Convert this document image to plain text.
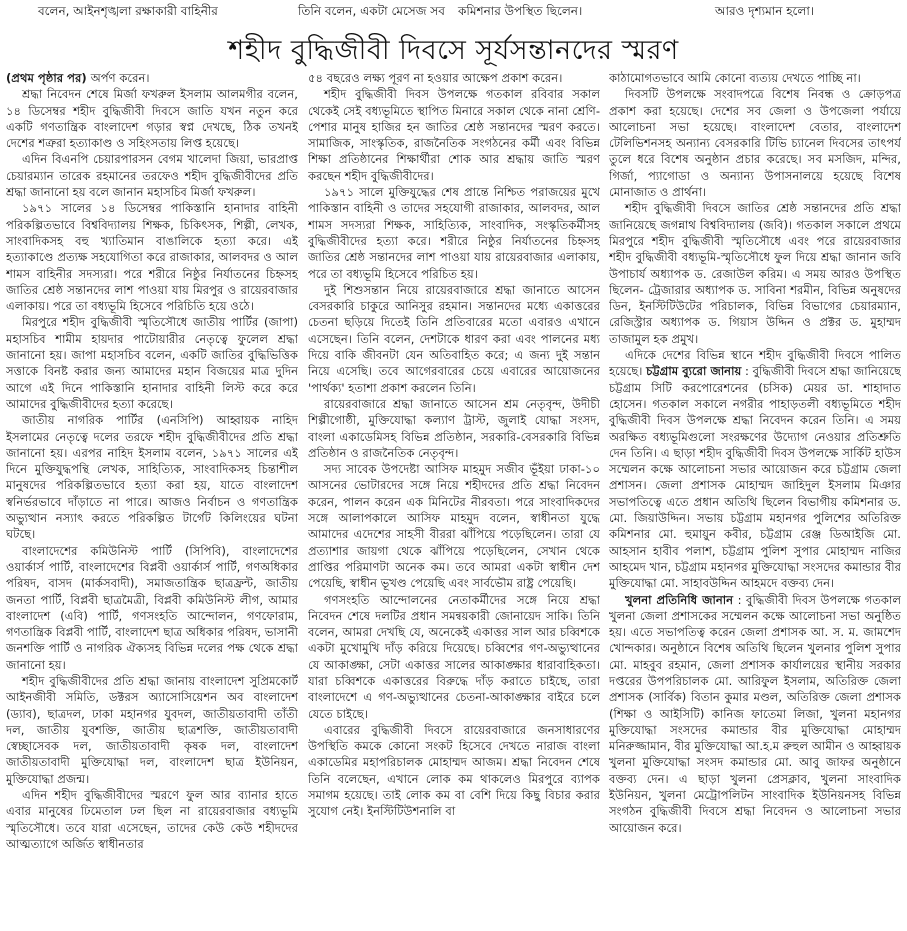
বলেন, আইনশৃঙ্খলা রক্ষাকারী বাহিনীর	তিনি বলেন, একটা মেসেজ সব কমিশনার উপস্থিত ছিলেন।	আরও দৃশ্যমান হলো।
শহীদ বুদ্ধিজীবী দিবসে সূর্যসন্তানদের স্মরণ

(প্রথম পৃষ্ঠার পর) অর্পণ করেন।

শ্রদ্ধা নিবেদন শেষে মির্জা ফখরুল ইসলাম আলমগীর বলেন, ১৪ ডিসেম্বর শহীদ বুদ্ধিজীবী দিবসে জাতি যখন নতুন করে একটি গণতান্ত্রিক বাংলাদেশ গড়ার স্বপ্ন দেখছে, ঠিক তখনই দেশের শত্রুরা হত্যাকাণ্ড ও সহিংসতায় লিপ্ত হয়েছে।

এদিন বিএনপি চেয়ারপারসন বেগম খালেদা জিয়া, ভারপ্রাপ্ত চেয়ারম্যান তারেক রহমানের তরফেও শহীদ বুদ্ধিজীবীদের প্রতি শ্রদ্ধা জানানো হয় বলে জানান মহাসচিব মির্জা ফখরুল।

১৯৭১ সালের ১৪ ডিসেম্বর পাকিস্তানি হানাদার বাহিনী পরিকল্পিতভাবে বিশ্ববিদ্যালয় শিক্ষক, চিকিৎসক, শিল্পী, লেখক, সাংবাদিকসহ বহু খ্যাতিমান বাঙালিকে হত্যা করে। এই হত্যাকাণ্ডে প্রত্যক্ষ সহযোগিতা করে রাজাকার, আলবদর ও আল শামস বাহিনীর সদস্যরা। পরে শরীরে নিষ্ঠুর নির্যাতনের চিহ্নসহ জাতির শ্রেষ্ঠ সন্তানদের লাশ পাওয়া যায় মিরপুর ও রায়েরবাজার এলাকায়। পরে তা বধ্যভূমি হিসেবে পরিচিতি হয়ে ওঠে।

মিরপুরে শহীদ বুদ্ধিজীবী স্মৃতিসৌধে জাতীয় পার্টির (জাপা) মহাসচিব শামীম হায়দার পাটোয়ারীর নেতৃত্বে ফুলেল শ্রদ্ধা জানানো হয়। জাপা মহাসচিব বলেন, একটি জাতির বুদ্ধিভিত্তিক সত্তাকে বিনষ্ট করার জন্য আমাদের মহান বিজয়ের মাত্র দুদিন আগে এই দিনে পাকিস্তানি হানাদার বাহিনী লিস্ট করে করে আমাদের বুদ্ধিজীবীদের হত্যা করেছে।

জাতীয় নাগরিক পার্টির (এনসিপি) আহ্বায়ক নাহিদ ইসলামের নেতৃত্বে দলের তরফে শহীদ বুদ্ধিজীবীদের প্রতি শ্রদ্ধা জানানো হয়। এরপর নাহিদ ইসলাম বলেন, ১৯৭১ সালের এই দিনে মুক্তিযুদ্ধপন্থি লেখক, সাহিত্যিক, সাংবাদিকসহ চিন্তাশীল মানুষদের পরিকল্পিতভাবে হত্যা করা হয়, যাতে বাংলাদেশ স্বনির্ভরভাবে দাঁড়াতে না পারে। আজও নির্বাচন ও গণতান্ত্রিক অভ্যুত্থান নস্যাৎ করতে পরিকল্পিত টার্গেট কিলিংয়ের ঘটনা ঘটছে।

বাংলাদেশের কমিউনিস্ট পার্টি (সিপিবি), বাংলাদেশের ওয়ার্কার্স পার্টি, বাংলাদেশের বিপ্লবী ওয়ার্কার্স পার্টি, গণঅধিকার পরিষদ, বাসদ (মার্কসবাদী), সমাজতান্ত্রিক ছাত্রফ্রন্ট, জাতীয় জনতা পার্টি, বিপ্লবী ছাত্রমৈত্রী, বিপ্লবী কমিউনিস্ট লীগ, আমার বাংলাদেশ (এবি) পার্টি, গণসংহতি আন্দোলন, গণফোরাম, গণতান্ত্রিক বিপ্লবী পার্টি, বাংলাদেশ ছাত্র অধিকার পরিষদ, ভাসানী জনশক্তি পার্টি ও নাগরিক ঐক্যসহ বিভিন্ন দলের পক্ষ থেকে শ্রদ্ধা জানানো হয়।

শহীদ বুদ্ধিজীবীদের প্রতি শ্রদ্ধা জানায় বাংলাদেশ সুপ্রিমকোর্ট আইনজীবী সমিতি, ডক্টরস অ্যাসোসিয়েশন অব বাংলাদেশ (ড্যাব), ছাত্রদল, ঢাকা মহানগর যুবদল, জাতীয়তাবাদী তাঁতী দল, জাতীয় যুবশক্তি, জাতীয় ছাত্রশক্তি, জাতীয়তাবাদী স্বেচ্ছাসেবক দল, জাতীয়তাবাদী কৃষক দল, বাংলাদেশ জাতীয়তাবাদী মুক্তিযোদ্ধা দল, বাংলাদেশ ছাত্র ইউনিয়ন, মুক্তিযোদ্ধা প্রজন্ম।

এদিন শহীদ বুদ্ধিজীবীদের স্মরণে ফুল আর ব্যানার হাতে এবার মানুষের ঢিমেতাল ঢল ছিল না রায়েরবাজার বধ্যভূমি স্মৃতিসৌধে। তবে যারা এসেছেন, তাদের কেউ কেউ শহীদদের আত্মত্যাগে অর্জিত স্বাধীনতার

৫৪ বছরেও লক্ষ্য পূরণ না হওয়ার আক্ষেপ প্রকাশ করেন।

শহীদ বুদ্ধিজীবী দিবস উপলক্ষে গতকাল রবিবার সকাল থেকেই সেই বধ্যভূমিতে স্থাপিত মিনারে সকাল থেকে নানা শ্রেণি-পেশার মানুষ হাজির হন জাতির শ্রেষ্ঠ সন্তানদের স্মরণ করতে। সামাজিক, সাংস্কৃতিক, রাজনৈতিক সংগঠনের কর্মী এবং বিভিন্ন শিক্ষা প্রতিষ্ঠানের শিক্ষার্থীরা শোক আর শ্রদ্ধায় জাতি স্মরণ করছেন শহীদ বুদ্ধিজীবীদের।

১৯৭১ সালে মুক্তিযুদ্ধের শেষ প্রান্তে নিশ্চিত পরাজয়ের মুখে পাকিস্তান বাহিনী ও তাদের সহযোগী রাজাকার, আলবদর, আল শামস সদস্যরা শিক্ষক, সাহিত্যিক, সাংবাদিক, সংস্কৃতিকর্মীসহ বুদ্ধিজীবীদের হত্যা করে। শরীরে নিষ্ঠুর নির্যাতনের চিহ্নসহ জাতির শ্রেষ্ঠ সন্তানদের লাশ পাওয়া যায় রায়েরবাজার এলাকায়, পরে তা বধ্যভূমি হিসেবে পরিচিত হয়।

দুই শিশুসন্তান নিয়ে রায়েরবাজারে শ্রদ্ধা জানাতে আসেন বেসরকারি চাকুরে আনিসুর রহমান। সন্তানদের মধ্যে একাত্তরের চেতনা ছড়িয়ে দিতেই তিনি প্রতিবারের মতো এবারও এখানে এসেছেন। তিনি বলেন, দেশটাকে ধারণ করা এবং পালনের মধ্য দিয়ে বাকি জীবনটা যেন অতিবাহিত করে; এ জন্য দুই সন্তান নিয়ে এসেছি। তবে আগেরবারের চেয়ে এবারের আয়োজনের 'পার্থক্য' হতাশা প্রকাশ করলেন তিনি।

রায়েরবাজারে শ্রদ্ধা জানাতে আসেন শ্রম নেতৃবৃন্দ, উদীচী শিল্পীগোষ্ঠী, মুক্তিযোদ্ধা কল্যাণ ট্রাস্ট, জুলাই যোদ্ধা সংসদ, বাংলা একাডেমিসহ বিভিন্ন প্রতিষ্ঠান, সরকারি-বেসরকারি বিভিন্ন প্রতিষ্ঠান ও রাজনৈতিক নেতৃবৃন্দ।

সদ্য সাবেক উপদেষ্টা আসিফ মাহমুদ সজীব ভূঁইয়া ঢাকা-১০ আসনের ভোটারদের সঙ্গে নিয়ে শহীদদের প্রতি শ্রদ্ধা নিবেদন করেন, পালন করেন এক মিনিটের নীরবতা। পরে সাংবাদিকদের সঙ্গে আলাপকালে আসিফ মাহমুদ বলেন, স্বাধীনতা যুদ্ধে আমাদের এদেশের সাহসী বীররা ঝাঁপিয়ে পড়েছিলেন। তারা যে প্রত্যাশার জায়গা থেকে ঝাঁপিয়ে পড়েছিলেন, সেখান থেকে প্রাপ্তির পরিমাণটা অনেক কম। তবে আমরা একটা স্বাধীন দেশ পেয়েছি, স্বাধীন ভূখণ্ড পেয়েছি এবং সার্বভৌম রাষ্ট্র পেয়েছি।

গণসংহতি আন্দোলনের নেতাকর্মীদের সঙ্গে নিয়ে শ্রদ্ধা নিবেদন শেষে দলটির প্রধান সমন্বয়কারী জোনায়েদ সাকি। তিনি বলেন, আমরা দেখছি যে, অনেকেই একাত্তর সাল আর চব্বিশকে একটা মুখোমুখি দাঁড় করিয়ে দিয়েছে। চব্বিশের গণ-অভ্যুত্থানের যে আকাঙ্ক্ষা, সেটা একাত্তর সালের আকাঙ্ক্ষার ধারাবাহিকতা। যারা চব্বিশকে একাত্তরের বিরুদ্ধে দাঁড় করাতে চাইছে, তারা বাংলাদেশে এ গণ-অভ্যুত্থানের চেতনা-আকাঙ্ক্ষার বাইরে চলে যেতে চাইছে।

এবারের বুদ্ধিজীবী দিবসে রায়েরবাজারে জনসাধারণের উপস্থিতি কমকে কোনো সংকট হিসেবে দেখতে নারাজ বাংলা একাডেমির মহাপরিচালক মোহাম্মদ আজম। শ্রদ্ধা নিবেদন শেষে তিনি বলেছেন, এখানে লোক কম থাকলেও মিরপুরে ব্যাপক সমাগম হয়েছে। তাই লোক কম বা বেশি দিয়ে কিছু বিচার করার সুযোগ নেই। ইনস্টিটিউশনালি বা

কাঠামোগতভাবে আমি কোনো ব্যত্যয় দেখতে পাচ্ছি না।

দিবসটি উপলক্ষে সংবাদপত্রে বিশেষ নিবন্ধ ও ক্রোড়পত্র প্রকাশ করা হয়েছে। দেশের সব জেলা ও উপজেলা পর্যায়ে আলোচনা সভা হয়েছে। বাংলাদেশ বেতার, বাংলাদেশ টেলিভিশনসহ অন্যান্য বেসরকারি টিভি চ্যানেল দিবসের তাৎপর্য তুলে ধরে বিশেষ অনুষ্ঠান প্রচার করেছে। সব মসজিদ, মন্দির, গির্জা, প্যাগোডা ও অন্যান্য উপাসনালয়ে হয়েছে বিশেষ মোনাজাত ও প্রার্থনা।

শহীদ বুদ্ধিজীবী দিবসে জাতির শ্রেষ্ঠ সন্তানদের প্রতি শ্রদ্ধা জানিয়েছে জগন্নাথ বিশ্ববিদ্যালয় (জবি)। গতকাল সকালে প্রথমে মিরপুরে শহীদ বুদ্ধিজীবী স্মৃতিসৌধে এবং পরে রায়েরবাজার শহীদ বুদ্ধিজীবী বধ্যভূমি-স্মৃতিসৌধে ফুল দিয়ে শ্রদ্ধা জানান জবি উপাচার্য অধ্যাপক ড. রেজাউল করিম। এ সময় আরও উপস্থিত ছিলেন- ট্রেজারার অধ্যাপক ড. সাবিনা শরমীন, বিভিন্ন অনুষদের ডিন, ইনস্টিটিউটের পরিচালক, বিভিন্ন বিভাগের চেয়ারম্যান, রেজিস্ট্রার অধ্যাপক ড. গিয়াস উদ্দিন ও প্রক্টর ড. মুহাম্মদ তাজামুল হক প্রমুখ।

এদিকে দেশের বিভিন্ন স্থানে শহীদ বুদ্ধিজীবী দিবসে পালিত হয়েছে। চট্টগ্রাম ব্যুরো জানায় : বুদ্ধিজীবী দিবসে শ্রদ্ধা জানিয়েছে চট্টগ্রাম সিটি করপোরেশনের (চসিক) মেয়র ডা. শাহাদাত হোসেন। গতকাল সকালে নগরীর পাহাড়তলী বধ্যভূমিতে শহীদ বুদ্ধিজীবী দিবস উপলক্ষে শ্রদ্ধা নিবেদন করেন তিনি। এ সময় অরক্ষিত বধ্যভূমিগুলো সংরক্ষণের উদ্যোগ নেওয়ার প্রতিশ্রুতি দেন তিনি। এ ছাড়া শহীদ বুদ্ধিজীবী দিবস উপলক্ষে সার্কিট হাউস সম্মেলন কক্ষে আলোচনা সভার আয়োজন করে চট্টগ্রাম জেলা প্রশাসন। জেলা প্রশাসক মোহাম্মদ জাহিদুল ইসলাম মিঞার সভাপতিত্বে এতে প্রধান অতিথি ছিলেন বিভাগীয় কমিশনার ড. মো. জিয়াউদ্দিন। সভায় চট্টগ্রাম মহানগর পুলিশের অতিরিক্ত কমিশনার মো. হুমায়ুন কবীর, চট্টগ্রাম রেঞ্জ ডিআইজি মো. আহসান হাবীব পলাশ, চট্টগ্রাম পুলিশ সুপার মোহাম্মদ নাজির আহমেদ খান, চট্টগ্রাম মহানগর মুক্তিযোদ্ধা সংসদের কমান্ডার বীর মুক্তিযোদ্ধা মো. সাহাবউদ্দিন আহমদে বক্তব্য দেন।

খুলনা প্রতিনিধি জানান : বুদ্ধিজীবী দিবস উপলক্ষে গতকাল খুলনা জেলা প্রশাসকের সম্মেলন কক্ষে আলোচনা সভা অনুষ্ঠিত হয়। এতে সভাপতিত্ব করেন জেলা প্রশাসক আ. স. ম. জামশেদ খোন্দকার। অনুষ্ঠানে বিশেষ অতিথি ছিলেন খুলনার পুলিশ সুপার মো. মাহবুব রহমান, জেলা প্রশাসক কার্যালয়ের স্থানীয় সরকার দপ্তরের উপপরিচালক মো. আরিফুল ইসলাম, অতিরিক্ত জেলা প্রশাসক (সার্বিক) বিতান কুমার মণ্ডল, অতিরিক্ত জেলা প্রশাসক (শিক্ষা ও আইসিটি) কানিজ ফাতেমা লিজা, খুলনা মহানগর মুক্তিযোদ্ধা সংসদের কমান্ডার বীর মুক্তিযোদ্ধা মোহাম্মদ মনিরুজ্জামান, বীর মুক্তিযোদ্ধা আ.হ.ম রুহুল আমীন ও আহ্বায়ক খুলনা মুক্তিযোদ্ধা সংসদ কমান্ডার মো. আবু জাফর অনুষ্ঠানে বক্তব্য দেন। এ ছাড়া খুলনা প্রেসক্লাব, খুলনা সাংবাদিক ইউনিয়ন, খুলনা মেট্রোপলিটন সাংবাদিক ইউনিয়নসহ বিভিন্ন সংগঠন বুদ্ধিজীবী দিবসে শ্রদ্ধা নিবেদন ও আলোচনা সভার আয়োজন করে।
